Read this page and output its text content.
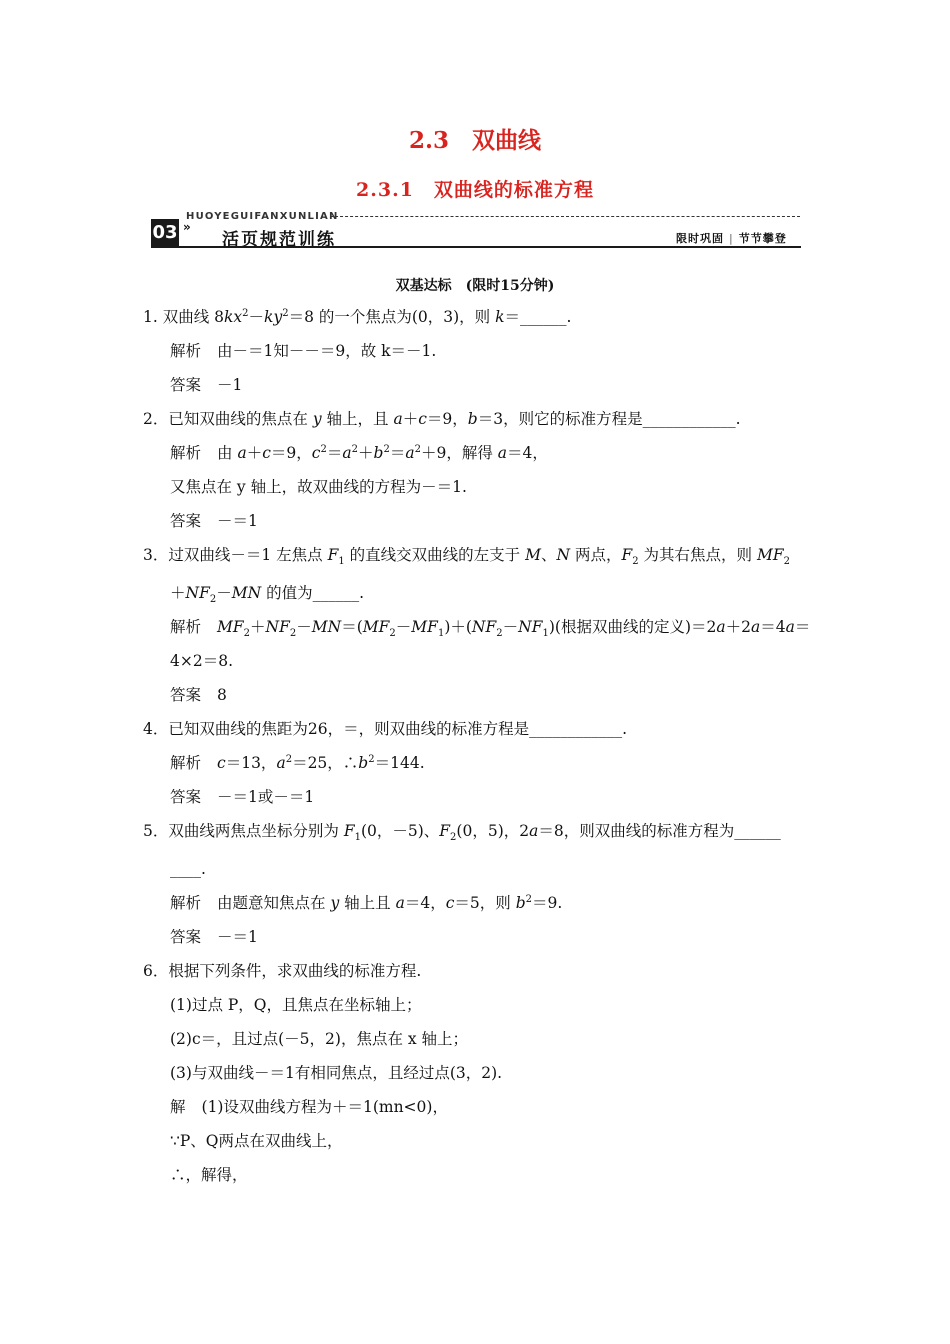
2.3　双曲线
2.3.1　双曲线的标准方程
HUOYEGUIFANXUNLIAN
03 »
活页规范训练	限时巩固 | 节节攀登
双基达标　(限时15分钟)
1. 双曲线 $8kx^2-ky^2=8$ 的一个焦点为(0，3)，则 k＝______.
解析 由－＝1知－－＝9，故 k＝－1.
答案 －1
2．已知双曲线的焦点在 y 轴上，且 a＋c＝9，b＝3，则它的标准方程是____________.
解析 由 a＋c＝9，$c^2=a^2+b^2=a^2+9$，解得 a＝4，
又焦点在 y 轴上，故双曲线的方程为－＝1.
答案 －＝1
3．过双曲线－＝1 左焦点 $F_1$ 的直线交双曲线的左支于 M、N 两点，$F_2$ 为其右焦点，则 $MF_2$
$+NF_2-MN$ 的值为______.
解析 $MF_2+NF_2-MN=(MF_2-MF_1)+(NF_2-NF_1)$(根据双曲线的定义)＝2a＋2a＝4a＝
4×2＝8.
答案 8
4．已知双曲线的焦距为26，＝，则双曲线的标准方程是____________.
解析 c＝13，$a^2=25$，$\therefore b^2=144$.
答案 －＝1或－＝1
5．双曲线两焦点坐标分别为 $F_1(0$，－5)、$F_2(0$，5)，2a＝8，则双曲线的标准方程为______
____.
解析 由题意知焦点在 y 轴上且 a＝4，c＝5，则 $b^2=9$.
答案 －＝1
6．根据下列条件，求双曲线的标准方程.
(1)过点 P，Q，且焦点在坐标轴上；
(2)c＝，且过点(－5，2)，焦点在 x 轴上；
(3)与双曲线－＝1有相同焦点，且经过点(3，2).
解 (1)设双曲线方程为＋＝1(mn<0)，
∵P、Q两点在双曲线上，
∴，解得，
